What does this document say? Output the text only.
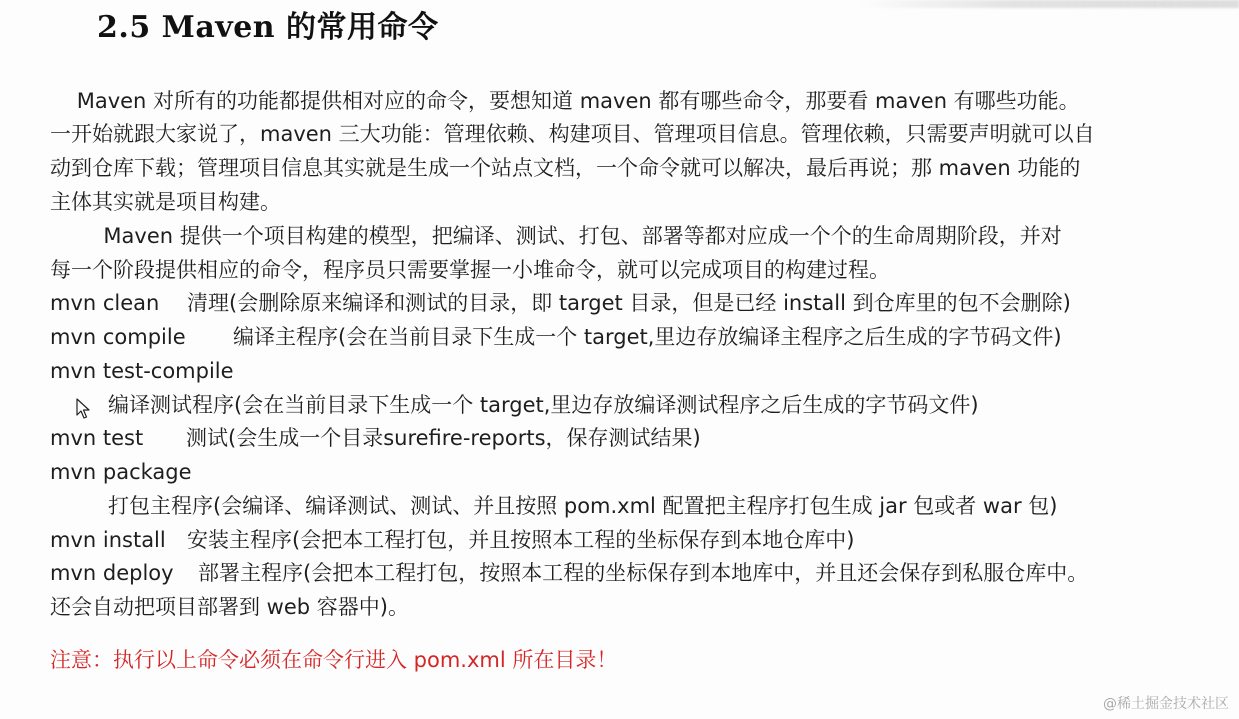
2.5 Maven 的常用命令
Maven 对所有的功能都提供相对应的命令，要想知道 maven 都有哪些命令，那要看 maven 有哪些功能。
一开始就跟大家说了，maven 三大功能：管理依赖、构建项目、管理项目信息。管理依赖，只需要声明就可以自
动到仓库下载；管理项目信息其实就是生成一个站点文档，一个命令就可以解决，最后再说；那 maven 功能的
主体其实就是项目构建。
Maven 提供一个项目构建的模型，把编译、测试、打包、部署等都对应成一个个的生命周期阶段，并对
每一个阶段提供相应的命令，程序员只需要掌握一小堆命令，就可以完成项目的构建过程。
mvn clean 清理(会删除原来编译和测试的目录，即 target 目录，但是已经 install 到仓库里的包不会删除)
mvn compile 编译主程序(会在当前目录下生成一个 target,里边存放编译主程序之后生成的字节码文件)
mvn test-compile
编译测试程序(会在当前目录下生成一个 target,里边存放编译测试程序之后生成的字节码文件)
mvn test 测试(会生成一个目录surefire-reports，保存测试结果)
mvn package
打包主程序(会编译、编译测试、测试、并且按照 pom.xml 配置把主程序打包生成 jar 包或者 war 包)
mvn install 安装主程序(会把本工程打包，并且按照本工程的坐标保存到本地仓库中)
mvn deploy 部署主程序(会把本工程打包，按照本工程的坐标保存到本地库中，并且还会保存到私服仓库中。
还会自动把项目部署到 web 容器中)。
注意：执行以上命令必须在命令行进入 pom.xml 所在目录！
@稀土掘金技术社区
